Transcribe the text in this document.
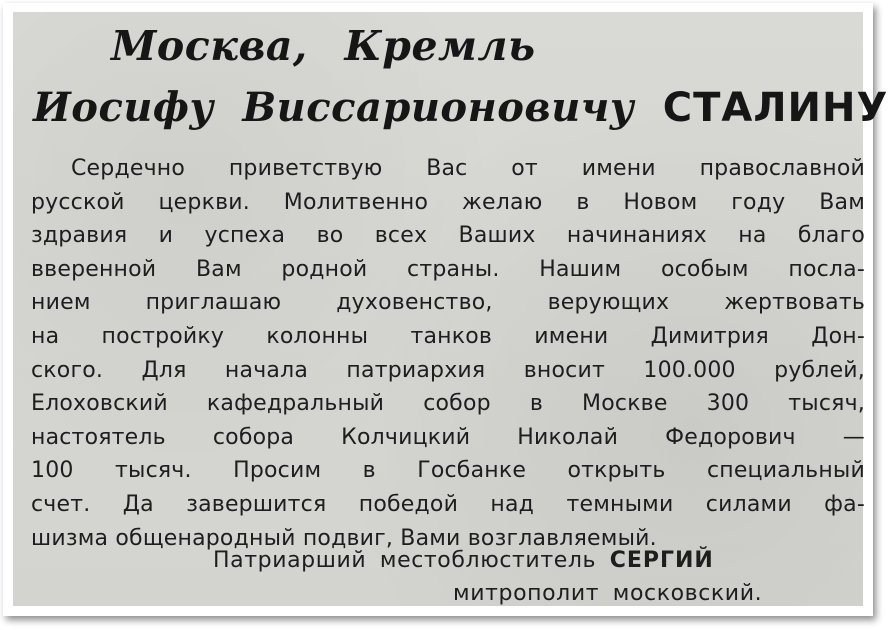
Москва, Кремль
Иосифу Виссарионовичу СТАЛИНУ
Сердечно приветствую Вас от имени православной
русской церкви. Молитвенно желаю в Новом году Вам
здравия и успеха во всех Ваших начинаниях на благо
вверенной Вам родной страны. Нашим особым посла-
нием приглашаю духовенство, верующих жертвовать
на постройку колонны танков имени Димитрия Дон-
ского. Для начала патриархия вносит 100.000 рублей,
Елоховский кафедральный собор в Москве 300 тысяч,
настоятель собора Колчицкий Николай Федорович —
100 тысяч. Просим в Госбанке открыть специальный
счет. Да завершится победой над темными силами фа-
шизма общенародный подвиг, Вами возглавляемый.
Патриарший местоблюститель СЕРГИЙ
митрополит московский.
